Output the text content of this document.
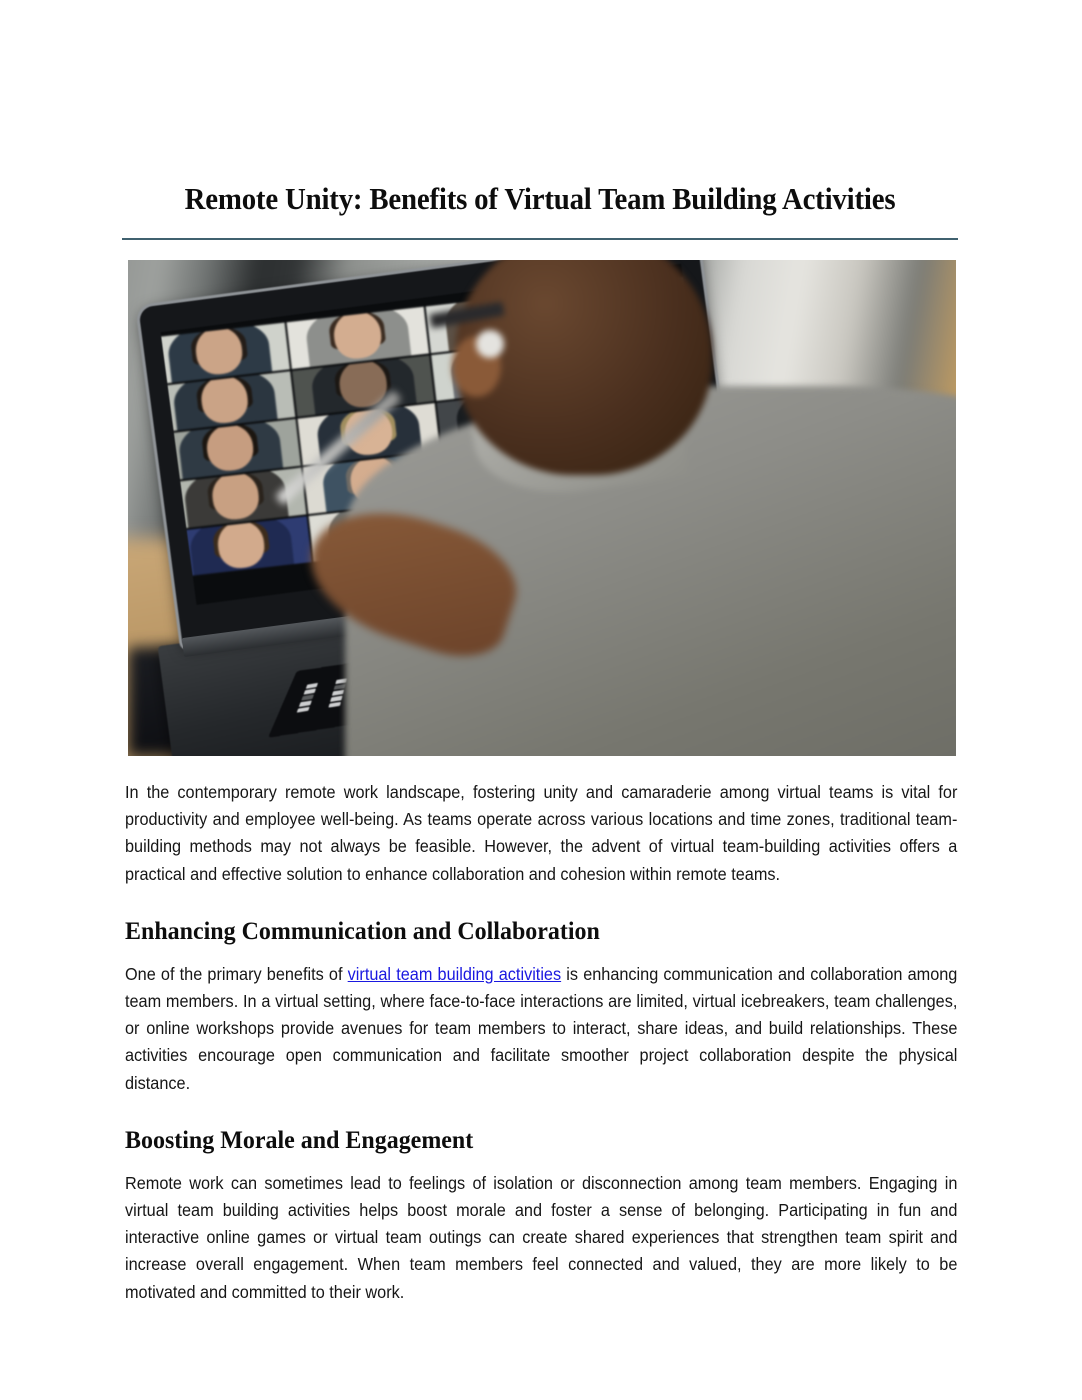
Remote Unity: Benefits of Virtual Team Building Activities

In the contemporary remote work landscape, fostering unity and camaraderie among virtual teams is vital for productivity and employee well-being. As teams operate across various locations and time zones, traditional team-building methods may not always be feasible. However, the advent of virtual team-building activities offers a practical and effective solution to enhance collaboration and cohesion within remote teams.

Enhancing Communication and Collaboration

One of the primary benefits of virtual team building activities is enhancing communication and collaboration among team members. In a virtual setting, where face-to-face interactions are limited, virtual icebreakers, team challenges, or online workshops provide avenues for team members to interact, share ideas, and build relationships. These activities encourage open communication and facilitate smoother project collaboration despite the physical distance.

Boosting Morale and Engagement

Remote work can sometimes lead to feelings of isolation or disconnection among team members. Engaging in virtual team building activities helps boost morale and foster a sense of belonging. Participating in fun and interactive online games or virtual team outings can create shared experiences that strengthen team spirit and increase overall engagement. When team members feel connected and valued, they are more likely to be motivated and committed to their work.
